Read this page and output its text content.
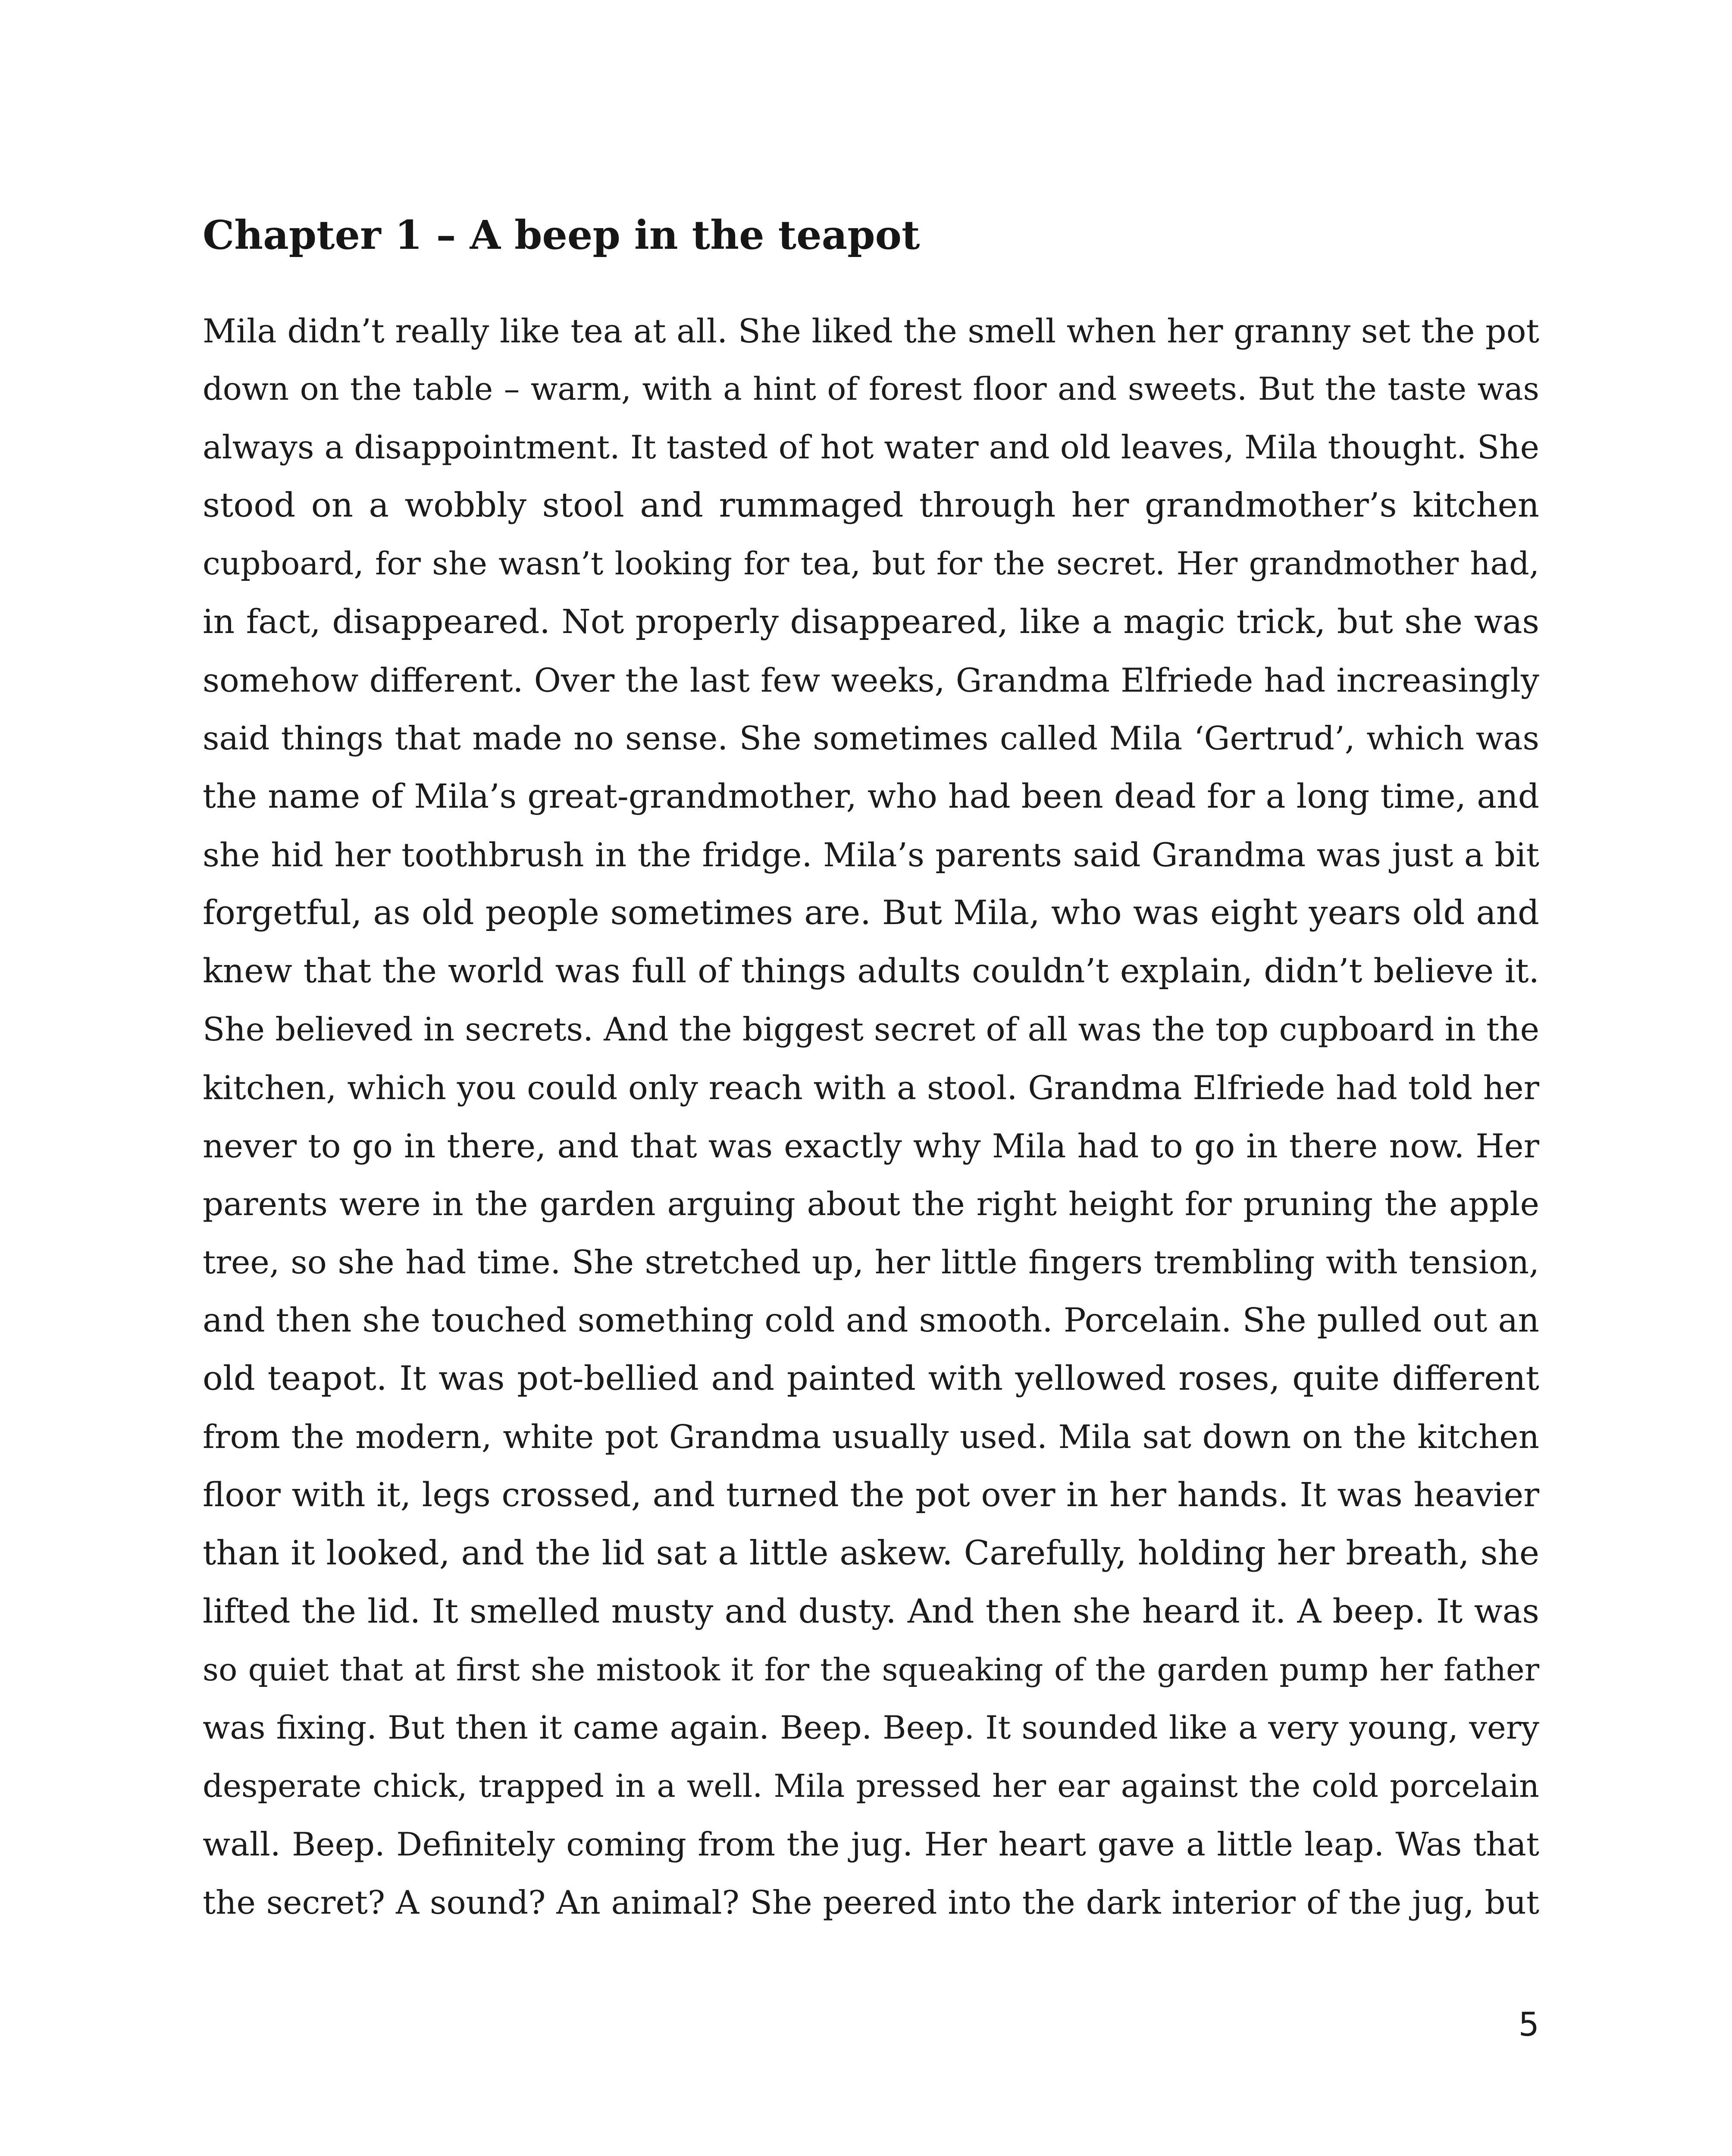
Chapter 1 – A beep in the teapot
Mila didn’t really like tea at all. She liked the smell when her granny set the pot
down on the table – warm, with a hint of forest floor and sweets. But the taste was
always a disappointment. It tasted of hot water and old leaves, Mila thought. She
stood on a wobbly stool and rummaged through her grandmother’s kitchen
cupboard, for she wasn’t looking for tea, but for the secret. Her grandmother had,
in fact, disappeared. Not properly disappeared, like a magic trick, but she was
somehow different. Over the last few weeks, Grandma Elfriede had increasingly
said things that made no sense. She sometimes called Mila ‘Gertrud’, which was
the name of Mila’s great-grandmother, who had been dead for a long time, and
she hid her toothbrush in the fridge. Mila’s parents said Grandma was just a bit
forgetful, as old people sometimes are. But Mila, who was eight years old and
knew that the world was full of things adults couldn’t explain, didn’t believe it.
She believed in secrets. And the biggest secret of all was the top cupboard in the
kitchen, which you could only reach with a stool. Grandma Elfriede had told her
never to go in there, and that was exactly why Mila had to go in there now. Her
parents were in the garden arguing about the right height for pruning the apple
tree, so she had time. She stretched up, her little fingers trembling with tension,
and then she touched something cold and smooth. Porcelain. She pulled out an
old teapot. It was pot-bellied and painted with yellowed roses, quite different
from the modern, white pot Grandma usually used. Mila sat down on the kitchen
floor with it, legs crossed, and turned the pot over in her hands. It was heavier
than it looked, and the lid sat a little askew. Carefully, holding her breath, she
lifted the lid. It smelled musty and dusty. And then she heard it. A beep. It was
so quiet that at first she mistook it for the squeaking of the garden pump her father
was fixing. But then it came again. Beep. Beep. It sounded like a very young, very
desperate chick, trapped in a well. Mila pressed her ear against the cold porcelain
wall. Beep. Definitely coming from the jug. Her heart gave a little leap. Was that
the secret? A sound? An animal? She peered into the dark interior of the jug, but
5
